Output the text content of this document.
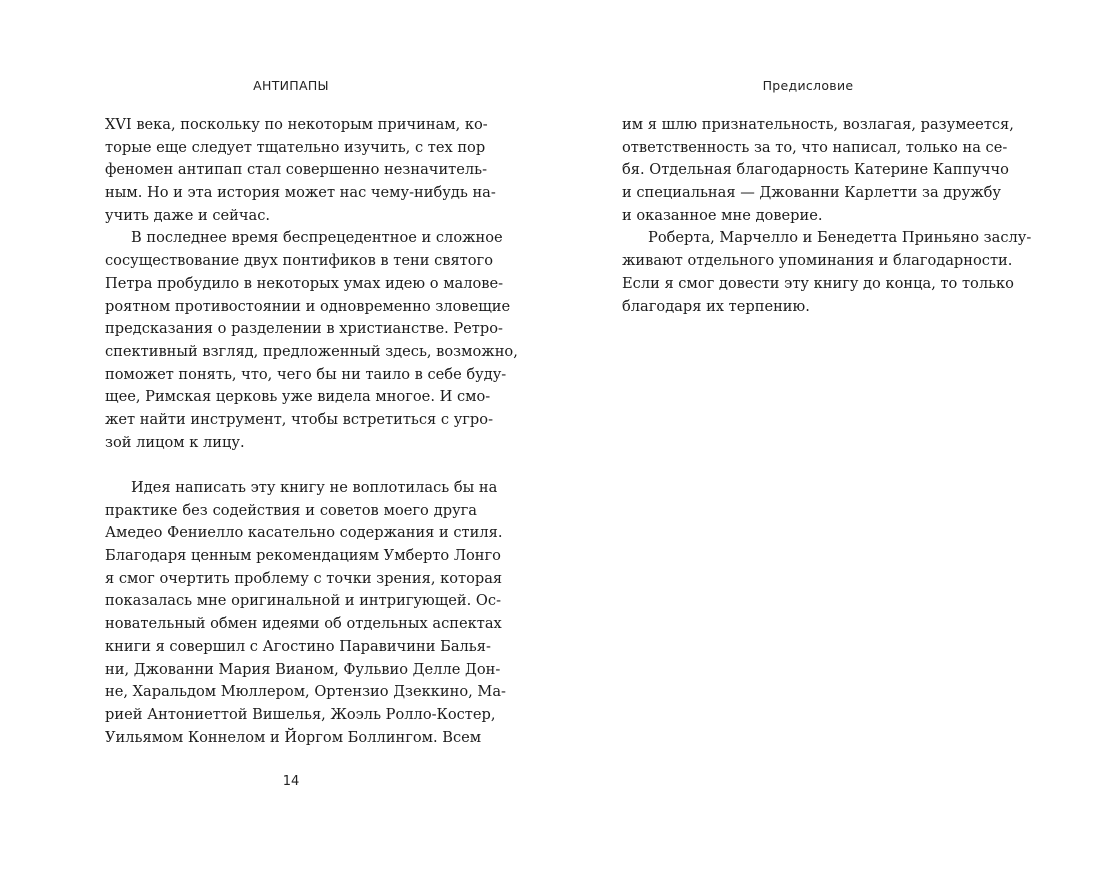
АНТИПАПЫ
XVI века, поскольку по некоторым причинам, ко-
торые еще следует тщательно изучить, с тех пор
феномен антипап стал совершенно незначитель-
ным. Но и эта история может нас чему-нибудь на-
учить даже и сейчас.
В последнее время беспрецедентное и сложное
сосуществование двух понтификов в тени святого
Петра пробудило в некоторых умах идею о малове-
роятном противостоянии и одновременно зловещие
предсказания о разделении в христианстве. Ретро-
спективный взгляд, предложенный здесь, возможно,
поможет понять, что, чего бы ни таило в себе буду-
щее, Римская церковь уже видела многое. И смо-
жет найти инструмент, чтобы встретиться с угро-
зой лицом к лицу.
Идея написать эту книгу не воплотилась бы на
практике без содействия и советов моего друга
Амедео Фениелло касательно содержания и стиля.
Благодаря ценным рекомендациям Умберто Лонго
я смог очертить проблему с точки зрения, которая
показалась мне оригинальной и интригующей. Ос-
новательный обмен идеями об отдельных аспектах
книги я совершил с Агостино Паравичини Балья-
ни, Джованни Мария Вианом, Фульвио Делле Дон-
не, Харальдом Мюллером, Ортензио Дзеккино, Ма-
рией Антониеттой Вишелья, Жоэль Ролло-Костер,
Уильямом Коннелом и Йоргом Боллингом. Всем
14
Предисловие
им я шлю признательность, возлагая, разумеется,
ответственность за то, что написал, только на се-
бя. Отдельная благодарность Катерине Каппуччо
и специальная — Джованни Карлетти за дружбу
и оказанное мне доверие.
Роберта, Марчелло и Бенедетта Приньяно заслу-
живают отдельного упоминания и благодарности.
Если я смог довести эту книгу до конца, то только
благодаря их терпению.
